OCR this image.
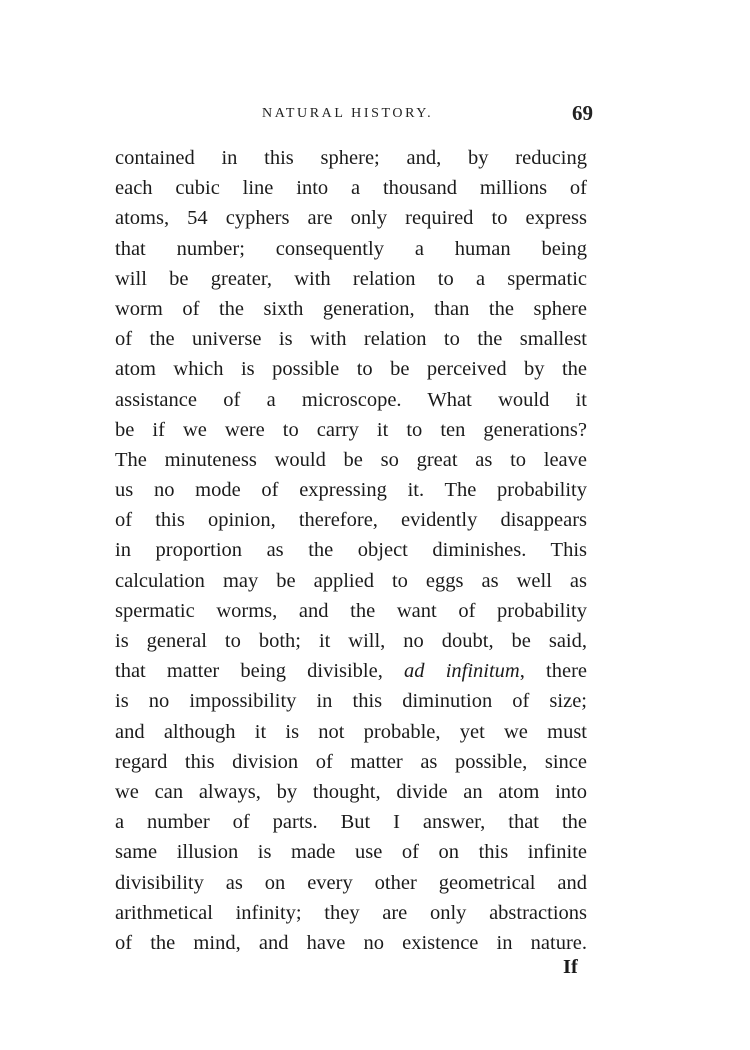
NATURAL HISTORY.	69
contained in this sphere; and, by reducing
each cubic line into a thousand millions of
atoms, 54 cyphers are only required to express
that number; consequently a human being
will be greater, with relation to a spermatic
worm of the sixth generation, than the sphere
of the universe is with relation to the smallest
atom which is possible to be perceived by the
assistance of a microscope. What would it
be if we were to carry it to ten generations?
The minuteness would be so great as to leave
us no mode of expressing it. The probability
of this opinion, therefore, evidently disappears
in proportion as the object diminishes. This
calculation may be applied to eggs as well as
spermatic worms, and the want of probability
is general to both; it will, no doubt, be said,
that matter being divisible, ad infinitum, there
is no impossibility in this diminution of size;
and although it is not probable, yet we must
regard this division of matter as possible, since
we can always, by thought, divide an atom into
a number of parts. But I answer, that the
same illusion is made use of on this infinite
divisibility as on every other geometrical and
arithmetical infinity; they are only abstractions
of the mind, and have no existence in nature.
If
